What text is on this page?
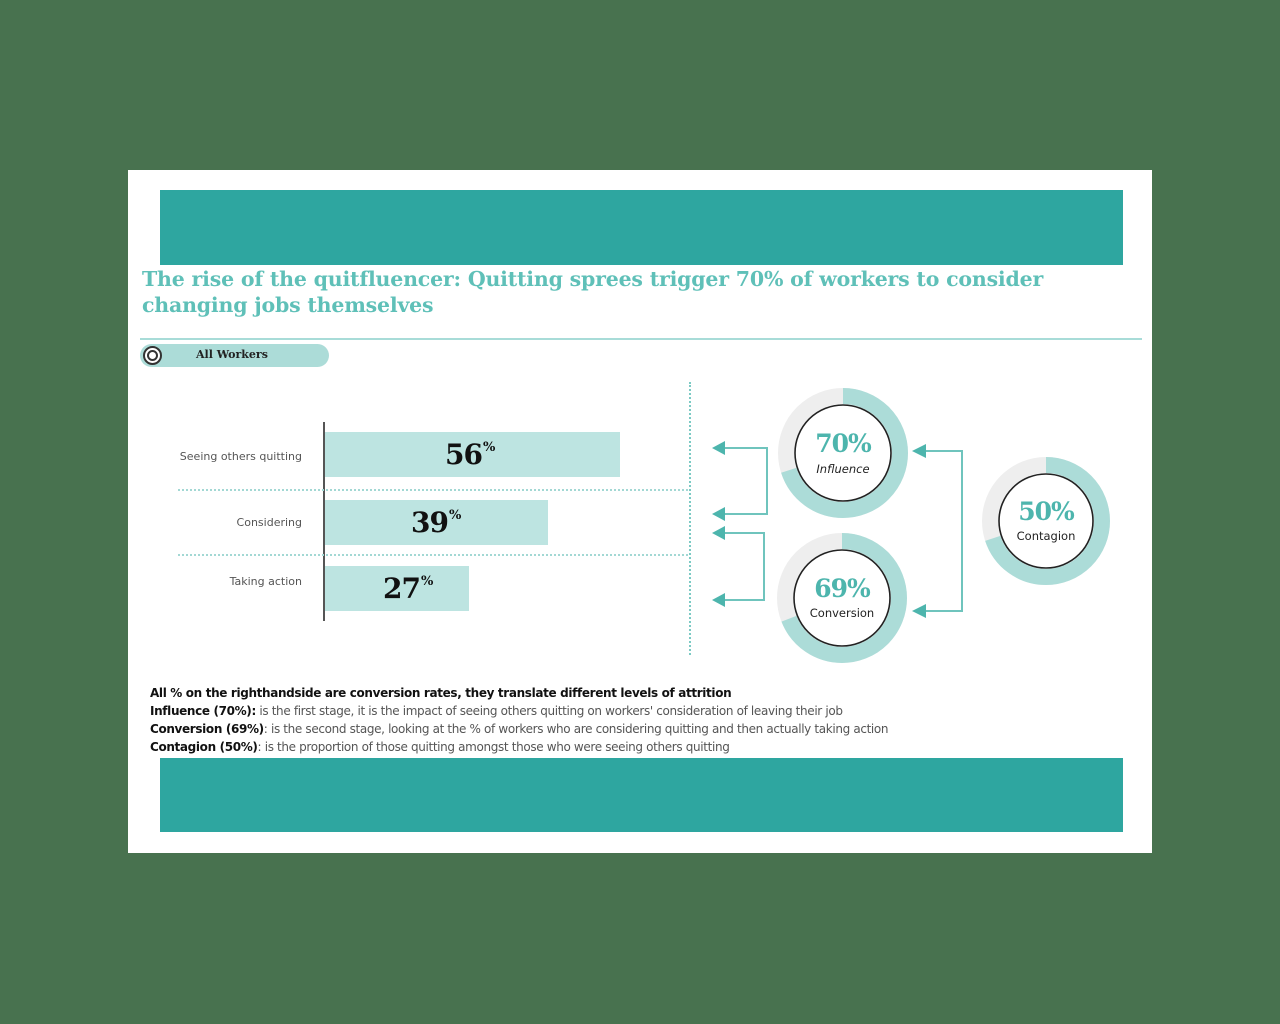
The rise of the quitfluencer: Quitting sprees trigger 70% of workers to consider changing jobs themselves
All Workers
Seeing others quitting	56%
Considering	39%
Taking action	27%
70%
Influence
69%
Conversion
50%
Contagion

All % on the righthandside are conversion rates, they translate different levels of attrition

Influence (70%): is the first stage, it is the impact of seeing others quitting on workers' consideration of leaving their job

Conversion (69%): is the second stage, looking at the % of workers who are considering quitting and then actually taking action

Contagion (50%): is the proportion of those quitting amongst those who were seeing others quitting
